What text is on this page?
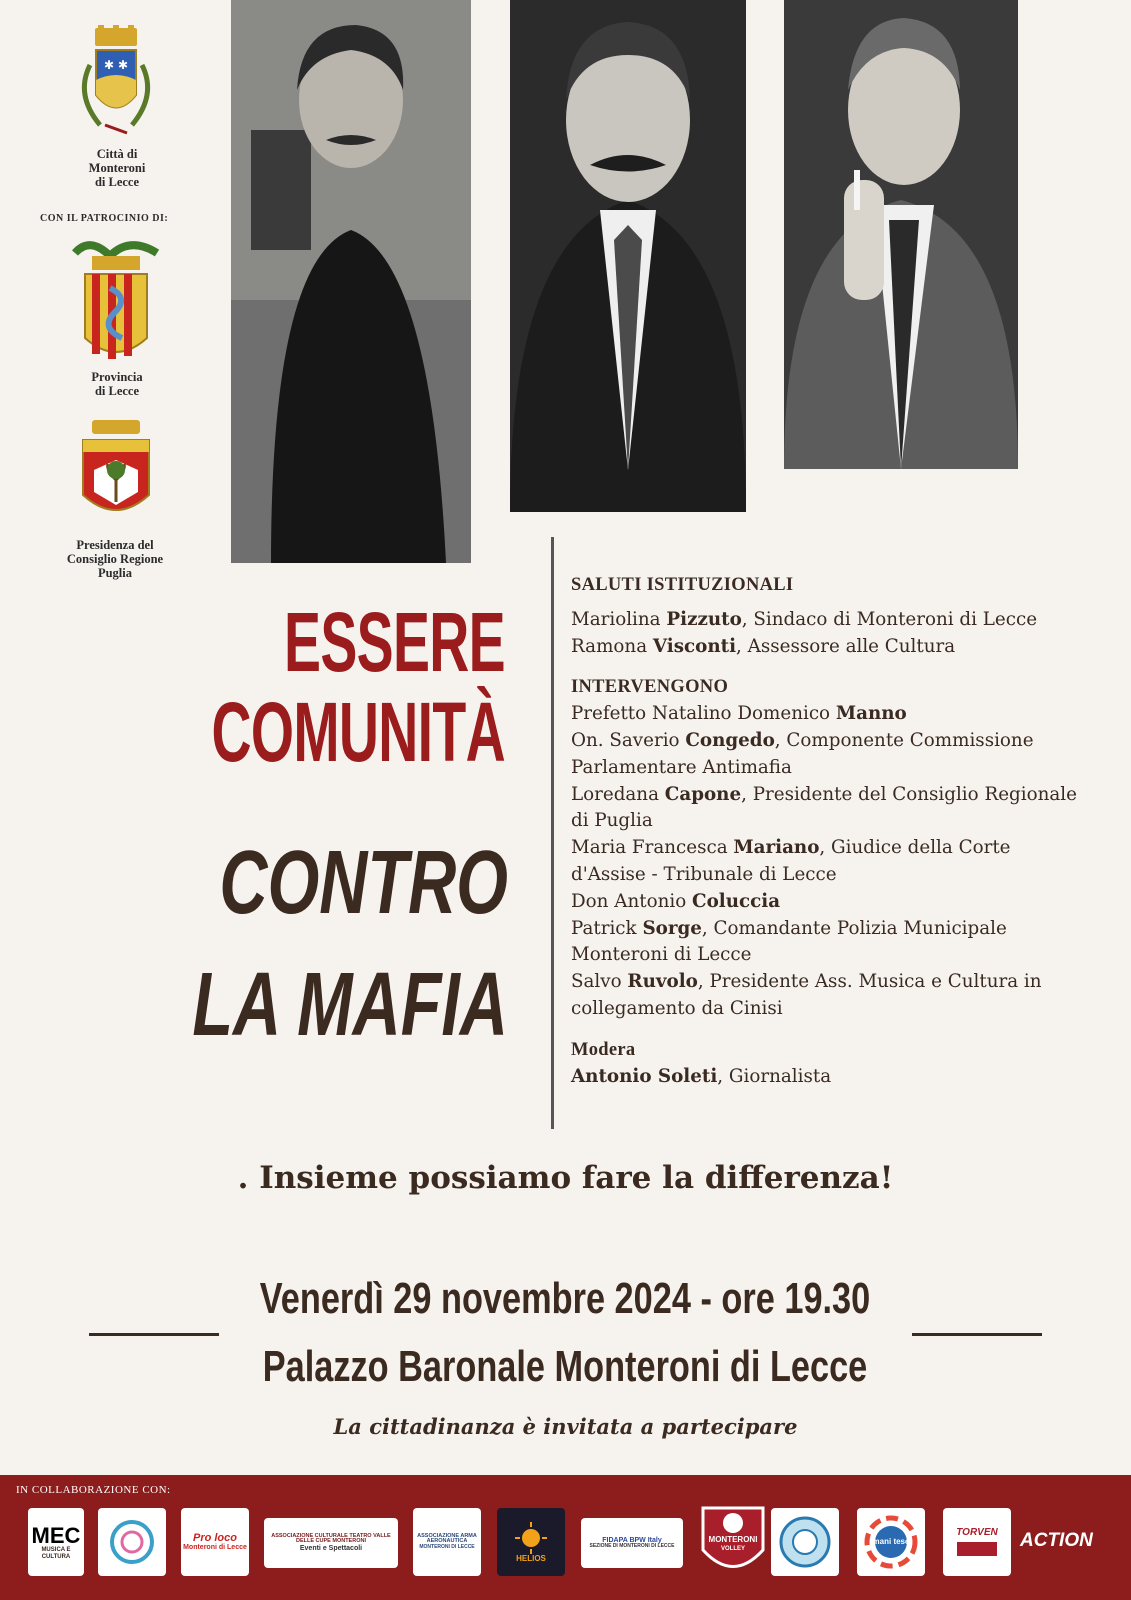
✱ ✱
Città di
Monteroni
di Lecce
CON IL PATROCINIO DI:
Provincia
di Lecce
Presidenza del
Consiglio Regione
Puglia
ESSERE
COMUNITÀ
CONTRO
LA MAFIA
SALUTI ISTITUZIONALI
Mariolina Pizzuto, Sindaco di Monteroni di Lecce
Ramona Visconti, Assessore alle Cultura
INTERVENGONO
Prefetto Natalino Domenico Manno
On. Saverio Congedo, Componente Commissione Parlamentare Antimafia
Loredana Capone, Presidente del Consiglio Regionale di Puglia
Maria Francesca Mariano, Giudice della Corte d'Assise - Tribunale di Lecce
Don Antonio Coluccia
Patrick Sorge, Comandante Polizia Municipale Monteroni di Lecce
Salvo Ruvolo, Presidente Ass. Musica e Cultura in collegamento da Cinisi
Modera
Antonio Soleti, Giornalista
. Insieme possiamo fare la differenza!
Venerdì 29 novembre 2024 - ore 19.30
Palazzo Baronale Monteroni di Lecce
La cittadinanza è invitata a partecipare
IN COLLABORAZIONE CON:
MEC
MUSICA E CULTURA
Pro loco
Monteroni di Lecce
ASSOCIAZIONE CULTURALE TEATRO VALLE DELLE CUPE MONTERONI
Eventi e Spettacoli
ASSOCIAZIONE ARMA AERONAUTICA
MONTERONI DI LECCE
HELIOS
FIDAPA BPW Italy
SEZIONE DI MONTERONI DI LECCE
MONTERONI
VOLLEY
mani tese
TORVEN ACTION
